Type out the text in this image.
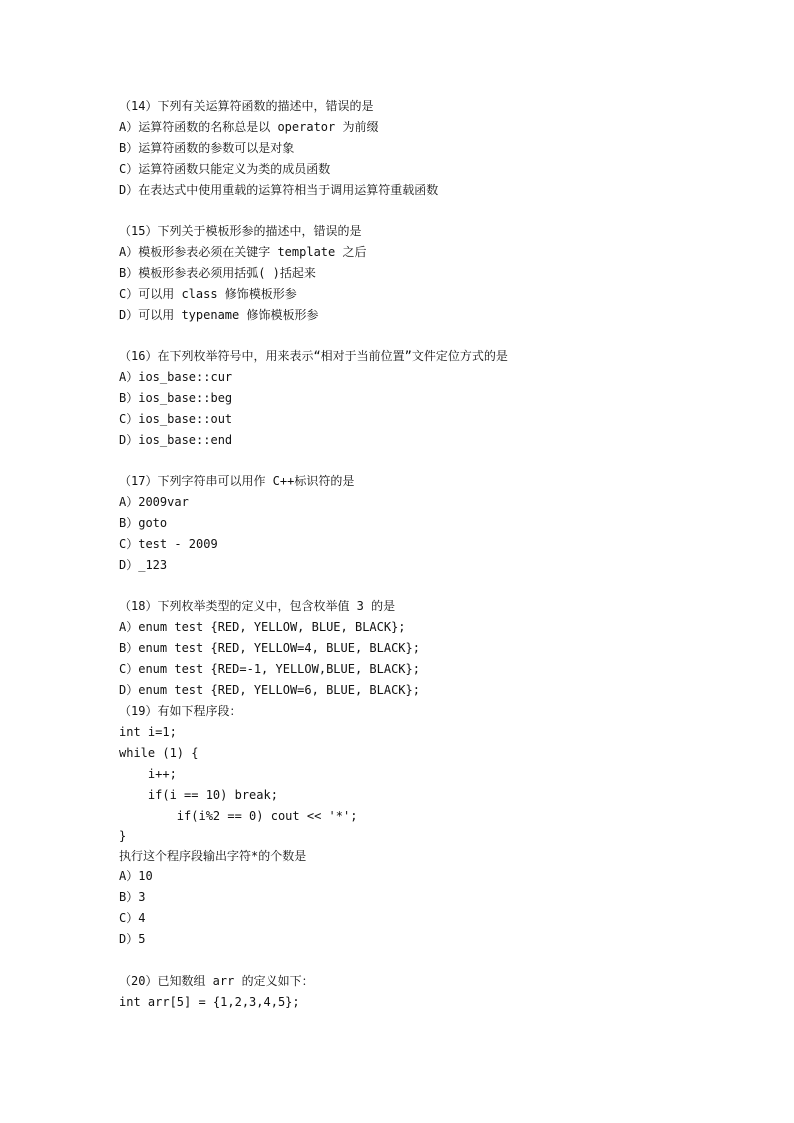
（14）下列有关运算符函数的描述中，错误的是
A）运算符函数的名称总是以 operator 为前缀
B）运算符函数的参数可以是对象
C）运算符函数只能定义为类的成员函数
D）在表达式中使用重载的运算符相当于调用运算符重载函数
（15）下列关于模板形参的描述中，错误的是
A）模板形参表必须在关键字 template 之后
B）模板形参表必须用括弧( )括起来
C）可以用 class 修饰模板形参
D）可以用 typename 修饰模板形参
（16）在下列枚举符号中，用来表示“相对于当前位置”文件定位方式的是
A）ios_base::cur
B）ios_base::beg
C）ios_base::out
D）ios_base::end
（17）下列字符串可以用作 C++标识符的是
A）2009var
B）goto
C）test - 2009
D）_123
（18）下列枚举类型的定义中，包含枚举值 3 的是
A）enum test {RED, YELLOW, BLUE, BLACK};
B）enum test {RED, YELLOW=4, BLUE, BLACK};
C）enum test {RED=-1, YELLOW,BLUE, BLACK};
D）enum test {RED, YELLOW=6, BLUE, BLACK};
（19）有如下程序段：
int i=1;
while (1) {
i++;
if(i == 10) break;
if(i%2 == 0) cout << '*';
}
执行这个程序段输出字符*的个数是
A）10
B）3
C）4
D）5
（20）已知数组 arr 的定义如下：
int arr[5] = {1,2,3,4,5};
